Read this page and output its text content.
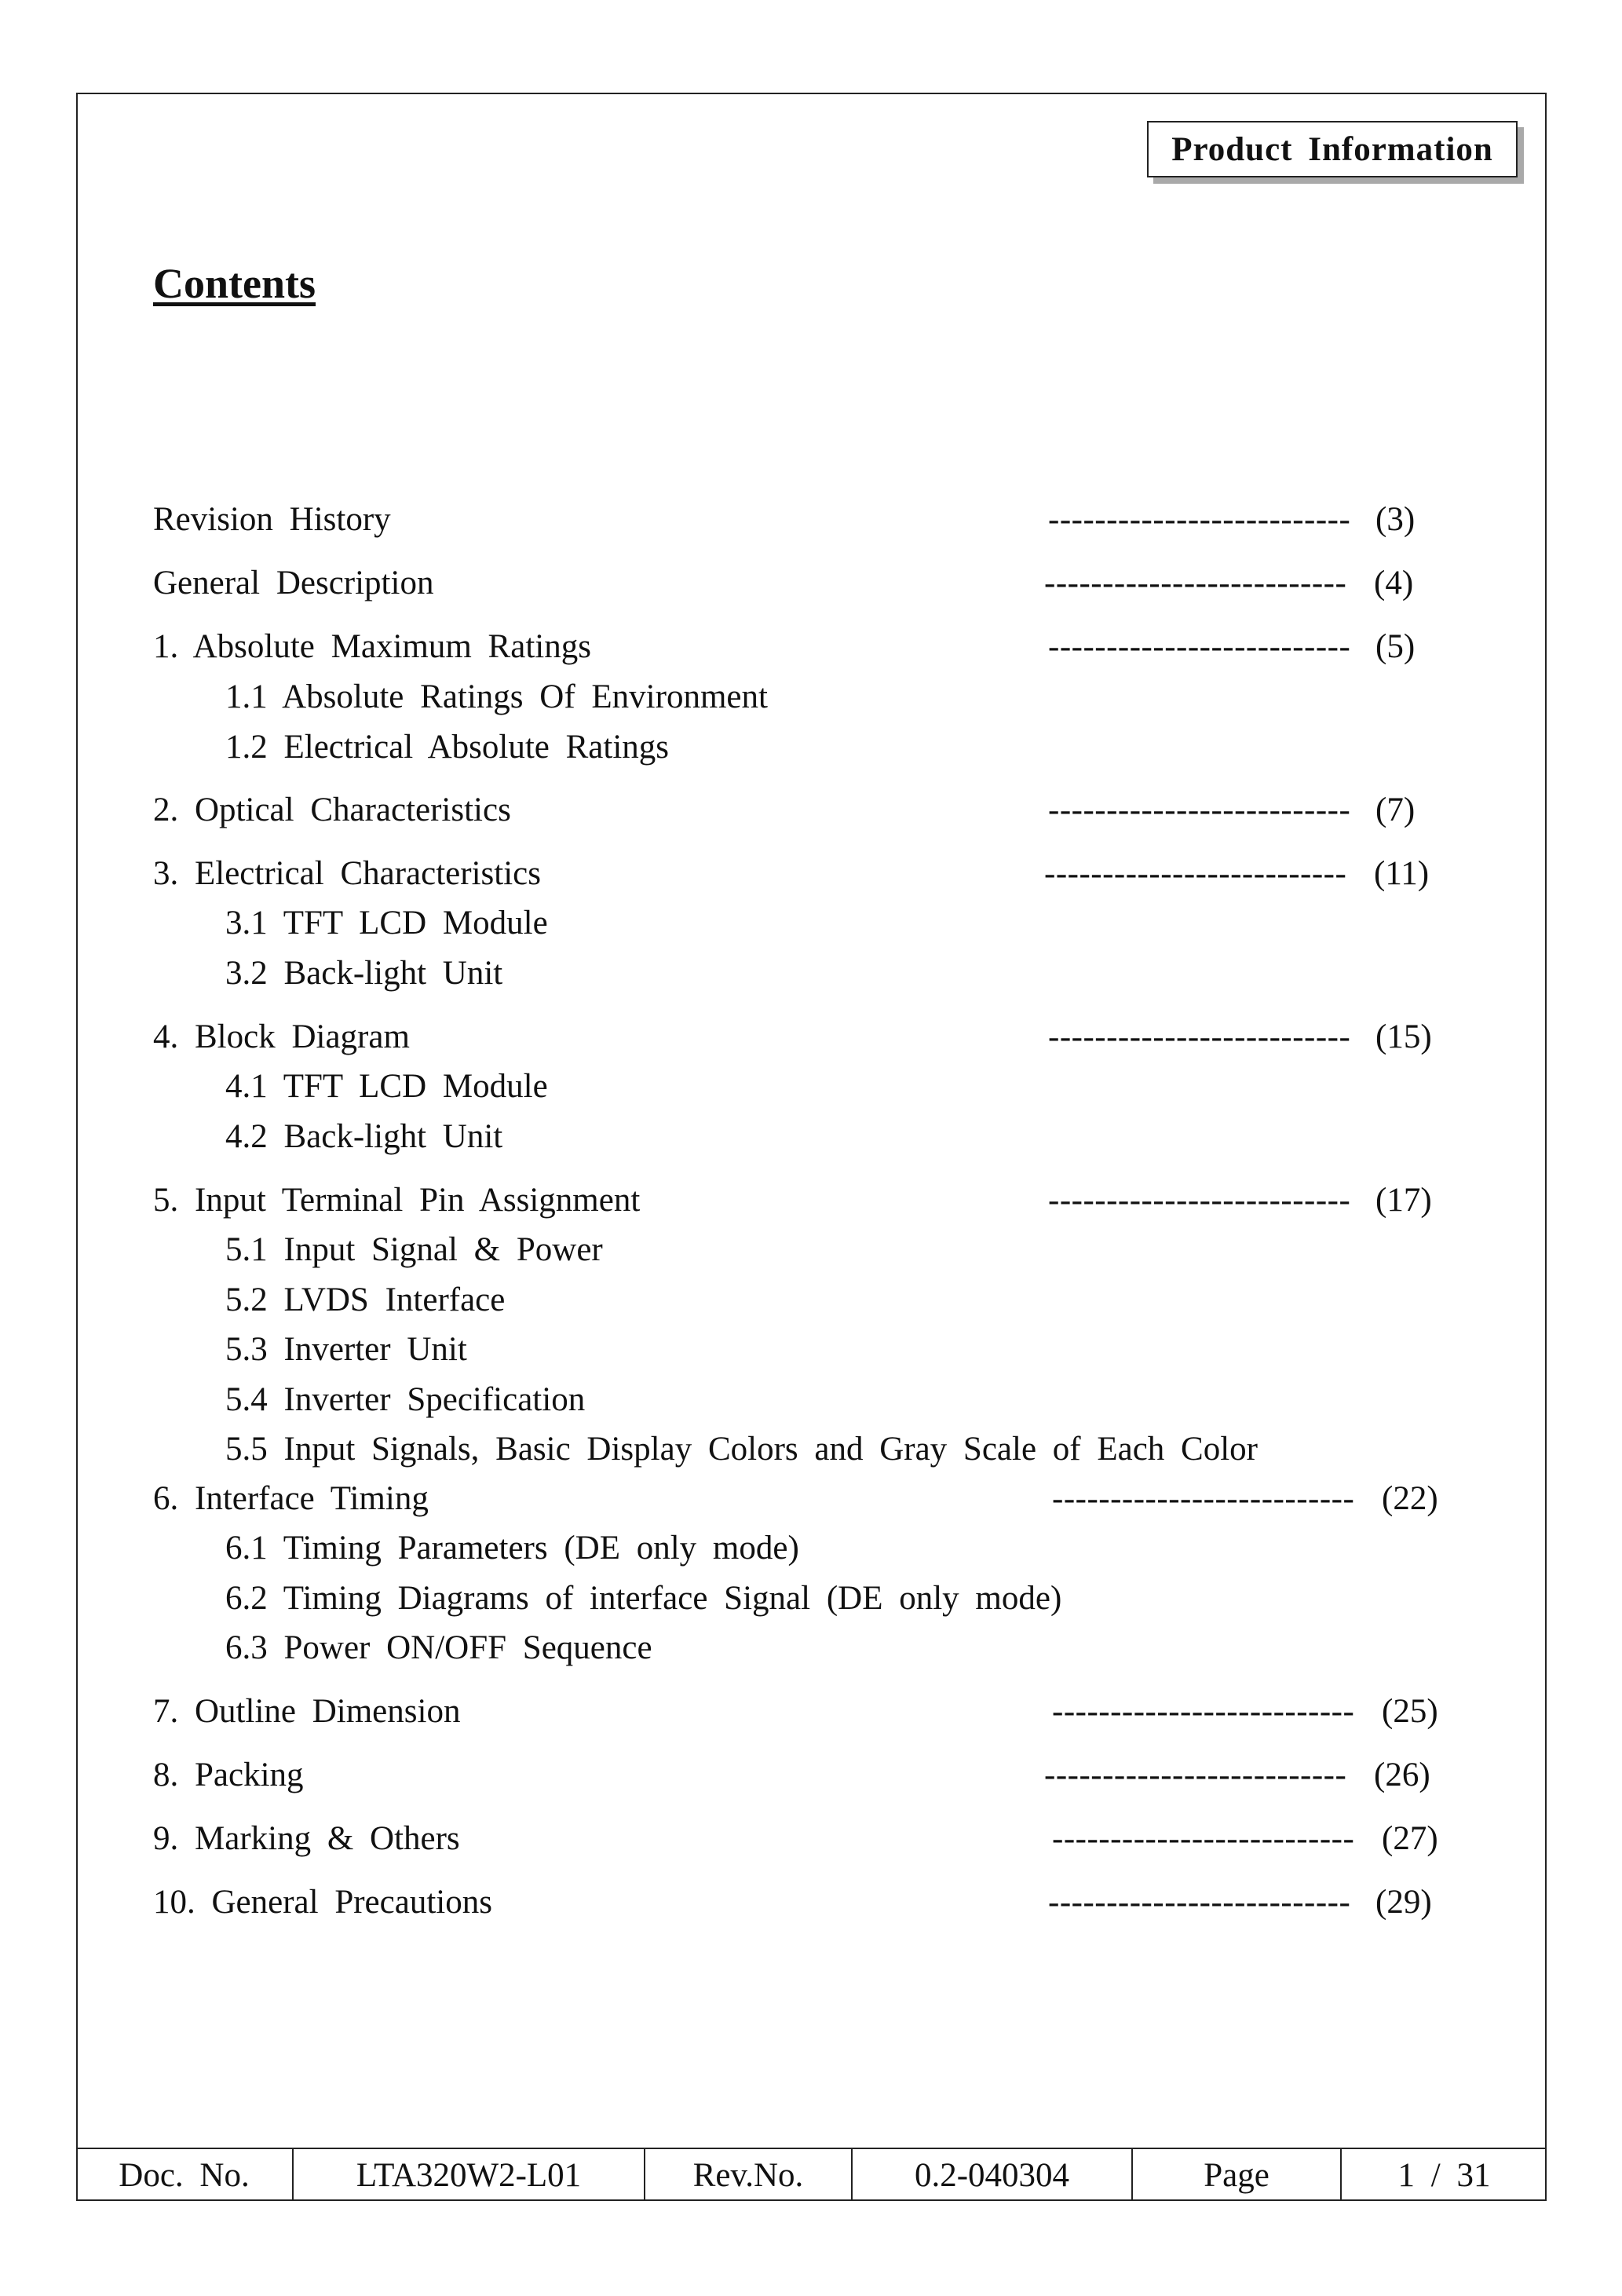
Product Information
Contents
Revision History	-------------------------- (3)
General Description	-------------------------- (4)
1. Absolute Maximum Ratings	-------------------------- (5)
1.1 Absolute Ratings Of Environment
1.2 Electrical Absolute Ratings
2. Optical Characteristics	-------------------------- (7)
3. Electrical Characteristics	-------------------------- (11)
3.1 TFT LCD Module
3.2 Back-light Unit
4. Block Diagram	-------------------------- (15)
4.1 TFT LCD Module
4.2 Back-light Unit
5. Input Terminal Pin Assignment	-------------------------- (17)
5.1 Input Signal & Power
5.2 LVDS Interface
5.3 Inverter Unit
5.4 Inverter Specification
5.5 Input Signals, Basic Display Colors and Gray Scale of Each Color
6. Interface Timing	-------------------------- (22)
6.1 Timing Parameters (DE only mode)
6.2 Timing Diagrams of interface Signal (DE only mode)
6.3 Power ON/OFF Sequence
7. Outline Dimension	-------------------------- (25)
8. Packing	-------------------------- (26)
9. Marking & Others	-------------------------- (27)
10. General Precautions	-------------------------- (29)
Doc. No.	LTA320W2-L01	Rev.No.	0.2-040304	Page	1 / 31
